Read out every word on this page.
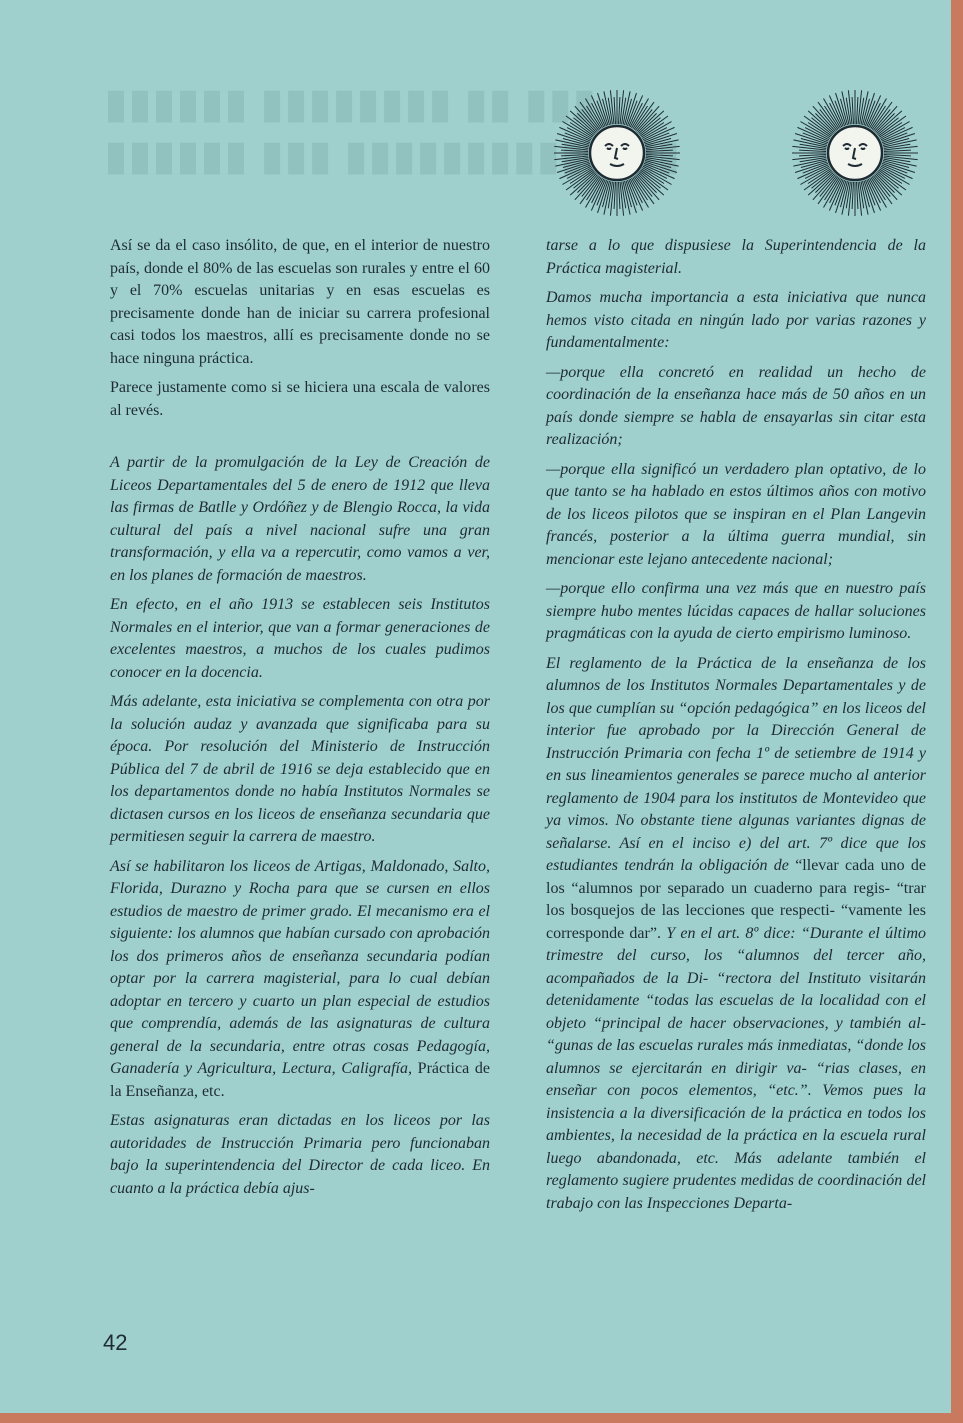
▮▮▮▮▮▮ ▮▮▮▮▮▮▮▮ ▮▮ ▮▮▮
▮▮▮▮▮▮ ▮▮▮ ▮▮▮▮▮▮▮▮▮▮▮▮▮▮

Así se da el caso insólito, de que, en el interior de nuestro país, donde el 80% de las escuelas son rurales y entre el 60 y el 70% escuelas unitarias y en esas escuelas es precisamente donde han de iniciar su carrera profesional casi todos los maestros, allí es precisamente donde no se hace ninguna práctica.

Parece justamente como si se hiciera una escala de valores al revés.

A partir de la promulgación de la Ley de Creación de Liceos Departamentales del 5 de enero de 1912 que lleva las firmas de Batlle y Ordóñez y de Blengio Rocca, la vida cultural del país a nivel nacional sufre una gran transformación, y ella va a repercutir, como vamos a ver, en los planes de formación de maestros.

En efecto, en el año 1913 se establecen seis Institutos Normales en el interior, que van a formar generaciones de excelentes maestros, a muchos de los cuales pudimos conocer en la docencia.

Más adelante, esta iniciativa se complementa con otra por la solución audaz y avanzada que significaba para su época. Por resolución del Ministerio de Instrucción Pública del 7 de abril de 1916 se deja establecido que en los departamentos donde no había Institutos Normales se dictasen cursos en los liceos de enseñanza secundaria que permitiesen seguir la carrera de maestro.

Así se habilitaron los liceos de Artigas, Maldonado, Salto, Florida, Durazno y Rocha para que se cursen en ellos estudios de maestro de primer grado. El mecanismo era el siguiente: los alumnos que habían cursado con aprobación los dos primeros años de enseñanza secundaria podían optar por la carrera magisterial, para lo cual debían adoptar en tercero y cuarto un plan especial de estudios que comprendía, además de las asignaturas de cultura general de la secundaria, entre otras cosas Pedagogía, Ganadería y Agricultura, Lectura, Caligrafía, Práctica de la Enseñanza, etc.

Estas asignaturas eran dictadas en los liceos por las autoridades de Instrucción Primaria pero funcionaban bajo la superintendencia del Director de cada liceo. En cuanto a la práctica debía ajus-

tarse a lo que dispusiese la Superintendencia de la Práctica magisterial.

Damos mucha importancia a esta iniciativa que nunca hemos visto citada en ningún lado por varias razones y fundamentalmente:

—porque ella concretó en realidad un hecho de coordinación de la enseñanza hace más de 50 años en un país donde siempre se habla de ensayarlas sin citar esta realización;

—porque ella significó un verdadero plan optativo, de lo que tanto se ha hablado en estos últimos años con motivo de los liceos pilotos que se inspiran en el Plan Langevin francés, posterior a la última guerra mundial, sin mencionar este lejano antecedente nacional;

—porque ello confirma una vez más que en nuestro país siempre hubo mentes lúcidas capaces de hallar soluciones pragmáticas con la ayuda de cierto empirismo luminoso.

El reglamento de la Práctica de la enseñanza de los alumnos de los Institutos Normales Departamentales y de los que cumplían su “opción pedagógica” en los liceos del interior fue aprobado por la Dirección General de Instrucción Primaria con fecha 1º de setiembre de 1914 y en sus lineamientos generales se parece mucho al anterior reglamento de 1904 para los institutos de Montevideo que ya vimos. No obstante tiene algunas variantes dignas de señalarse. Así en el inciso e) del art. 7º dice que los estudiantes tendrán la obligación de “llevar cada uno de los “alumnos por separado un cuaderno para regis- “trar los bosquejos de las lecciones que respecti- “vamente les corresponde dar”. Y en el art. 8º dice: “Durante el último trimestre del curso, los “alumnos del tercer año, acompañados de la Di- “rectora del Instituto visitarán detenidamente “todas las escuelas de la localidad con el objeto “principal de hacer observaciones, y también al- “gunas de las escuelas rurales más inmediatas, “donde los alumnos se ejercitarán en dirigir va- “rias clases, en enseñar con pocos elementos, “etc.”. Vemos pues la insistencia a la diversificación de la práctica en todos los ambientes, la necesidad de la práctica en la escuela rural luego abandonada, etc. Más adelante también el reglamento sugiere prudentes medidas de coordinación del trabajo con las Inspecciones Departa-

42
